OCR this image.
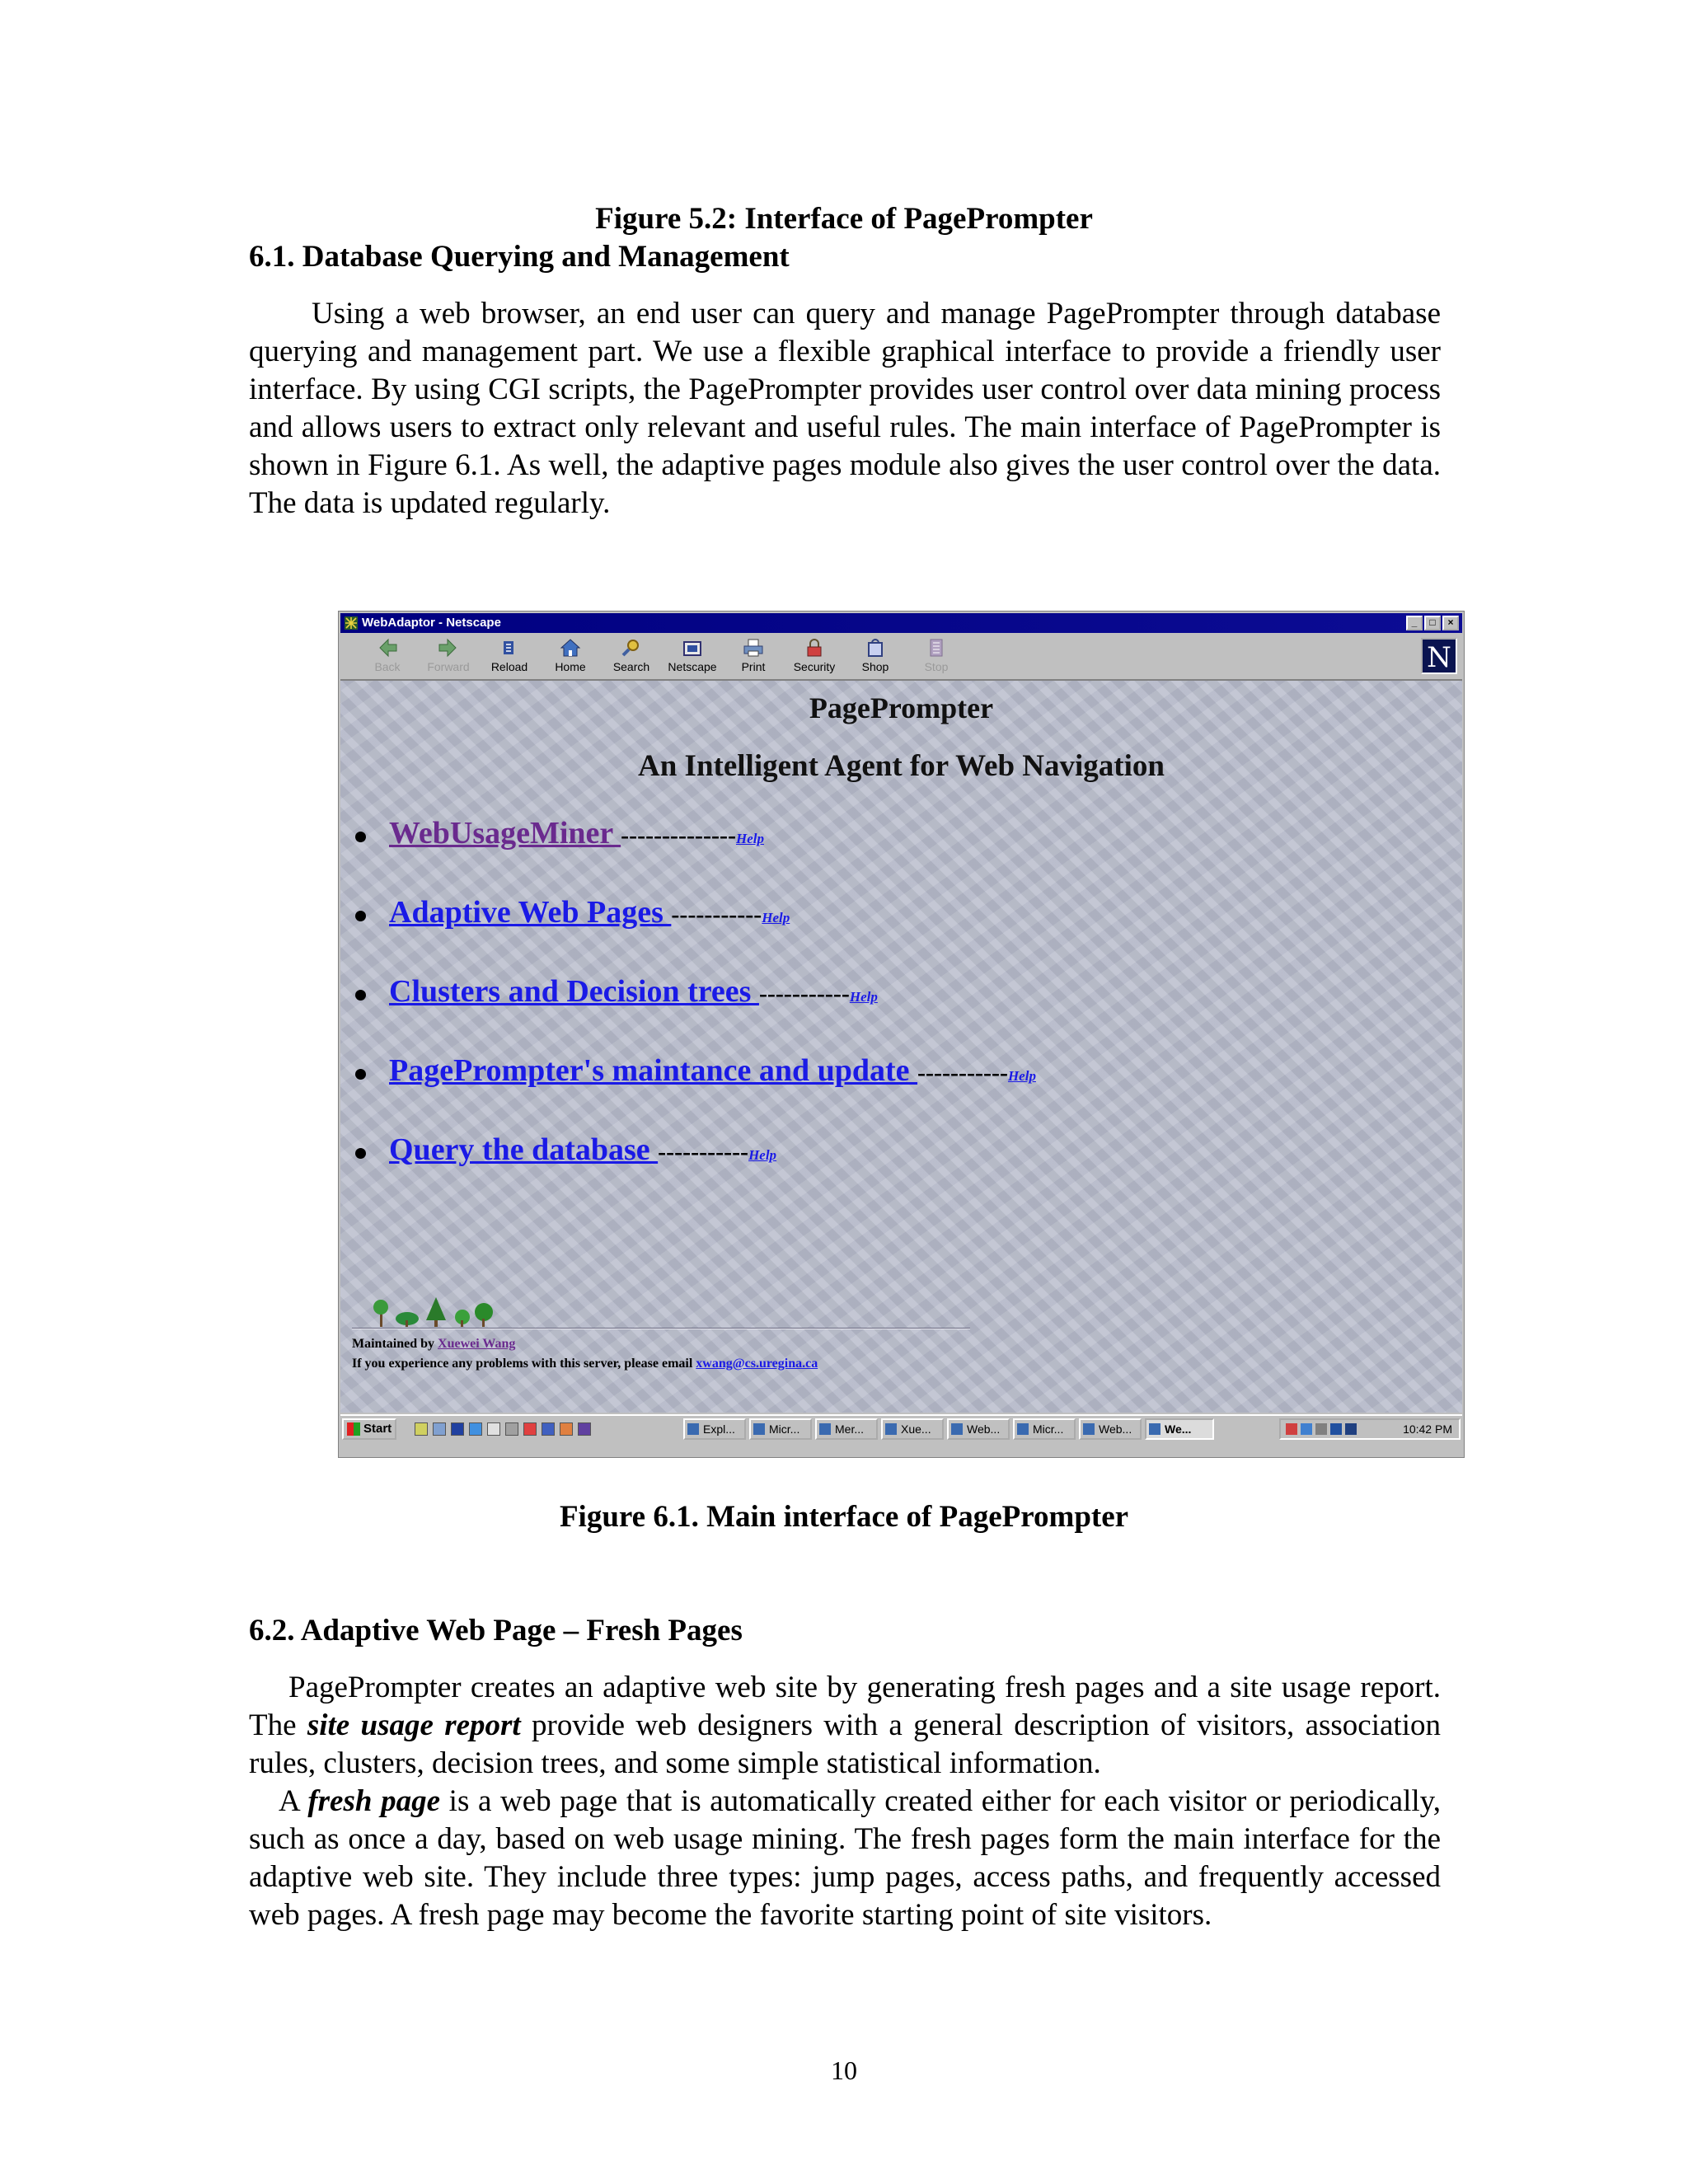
Figure 5.2: Interface of PagePrompter
6.1. Database Querying and Management

Using a web browser, an end user can query and manage PagePrompter through database querying and management part. We use a flexible graphical interface to provide a friendly user interface. By using CGI scripts, the PagePrompter provides user control over data mining process and allows users to extract only relevant and useful rules. The main interface of PagePrompter is shown in Figure 6.1. As well, the adaptive pages module also gives the user control over the data. The data is updated regularly.

WebAdaptor - Netscape	_	□	×
Back	Forward	Reload	Home	Search	Netscape	Print	Security	Shop	Stop	N
PagePrompter
An Intelligent Agent for Web Navigation
WebUsageMiner --------------Help
Adaptive Web Pages -----------Help
Clusters and Decision trees -----------Help
PagePrompter's maintance and update -----------Help
Query the database -----------Help
Maintained by Xuewei Wang
If you experience any problems with this server, please email xwang@cs.uregina.ca
Start	Expl...	Micr...	Mer...	Xue...	Web...	Micr...	Web...	We...	10:42 PM
Figure 6.1. Main interface of PagePrompter
6.2. Adaptive Web Page – Fresh Pages

PagePrompter creates an adaptive web site by generating fresh pages and a site usage report. The site usage report provide web designers with a general description of visitors, association rules, clusters, decision trees, and some simple statistical information.

A fresh page is a web page that is automatically created either for each visitor or periodically, such as once a day, based on web usage mining. The fresh pages form the main interface for the adaptive web site. They include three types: jump pages, access paths, and frequently accessed web pages. A fresh page may become the favorite starting point of site visitors.

10
